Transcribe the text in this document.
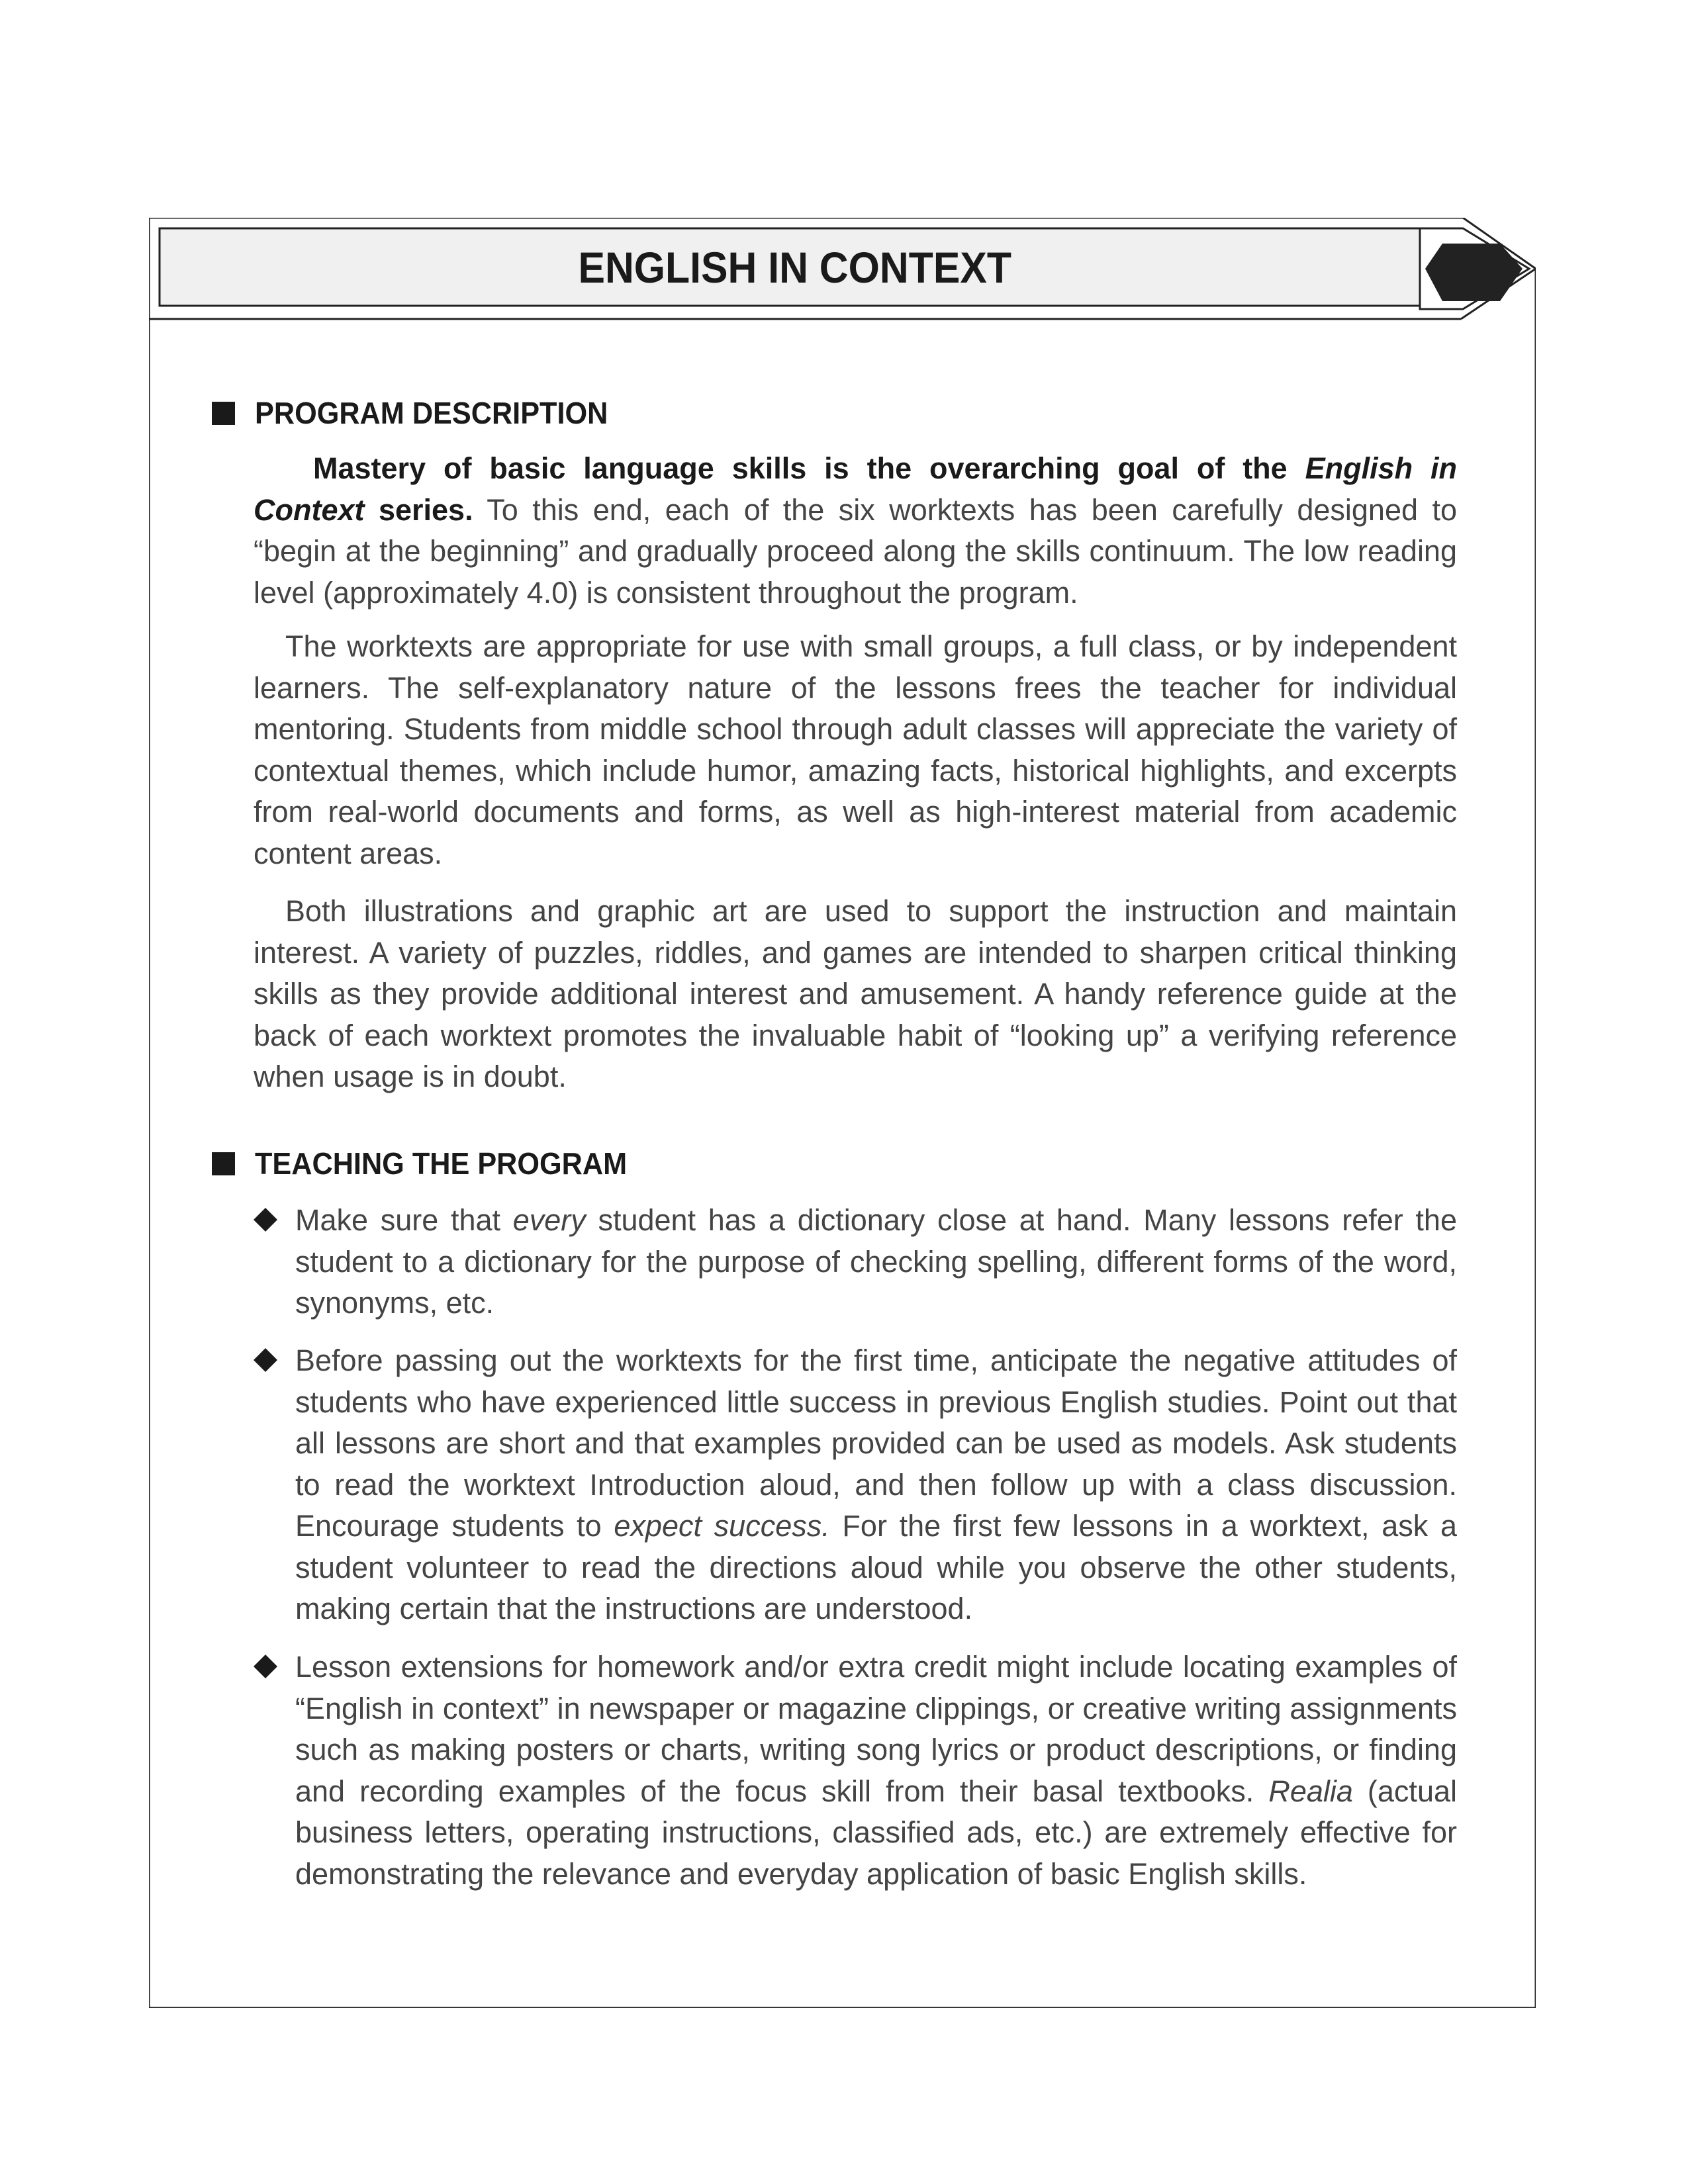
ENGLISH IN CONTEXT
PROGRAM DESCRIPTION
Mastery of basic language skills is the overarching goal of the English in Context series. To this end, each of the six worktexts has been carefully designed to “begin at the beginning” and gradually proceed along the skills continuum. The low reading level (approximately 4.0) is consistent throughout the program.
The worktexts are appropriate for use with small groups, a full class, or by independent learners. The self-explanatory nature of the lessons frees the teacher for individual mentoring. Students from middle school through adult classes will appreciate the variety of contextual themes, which include humor, amazing facts, historical highlights, and excerpts from real-world documents and forms, as well as high-interest material from academic content areas.
Both illustrations and graphic art are used to support the instruction and maintain interest. A variety of puzzles, riddles, and games are intended to sharpen critical thinking skills as they provide additional interest and amusement. A handy reference guide at the back of each worktext promotes the invaluable habit of “looking up” a verifying reference when usage is in doubt.
TEACHING THE PROGRAM
Make sure that every student has a dictionary close at hand. Many lessons refer the student to a dictionary for the purpose of checking spelling, different forms of the word, synonyms, etc.
Before passing out the worktexts for the first time, anticipate the negative attitudes of students who have experienced little success in previous English studies. Point out that all lessons are short and that examples provided can be used as models. Ask students to read the worktext Introduction aloud, and then follow up with a class discussion. Encourage students to expect success. For the first few lessons in a worktext, ask a student volunteer to read the directions aloud while you observe the other students, making certain that the instructions are understood.
Lesson extensions for homework and/or extra credit might include locating examples of “English in context” in newspaper or magazine clippings, or creative writing assignments such as making posters or charts, writing song lyrics or product descriptions, or finding and recording examples of the focus skill from their basal textbooks. Realia (actual business letters, operating instructions, classified ads, etc.) are extremely effective for demonstrating the relevance and everyday application of basic English skills.
